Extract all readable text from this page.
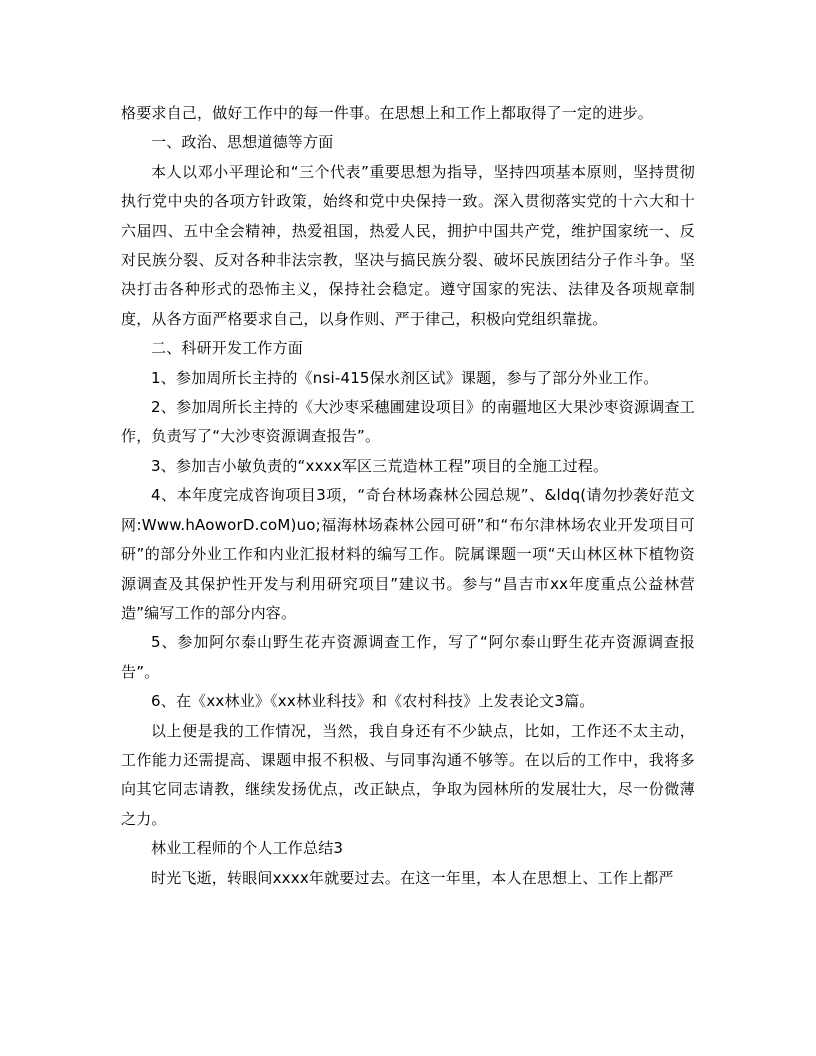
格要求自己，做好工作中的每一件事。在思想上和工作上都取得了一定的进步。

一、政治、思想道德等方面

本人以邓小平理论和“三个代表”重要思想为指导，坚持四项基本原则，坚持贯彻执行党中央的各项方针政策，始终和党中央保持一致。深入贯彻落实党的十六大和十六届四、五中全会精神，热爱祖国，热爱人民，拥护中国共产党，维护国家统一、反对民族分裂、反对各种非法宗教，坚决与搞民族分裂、破坏民族团结分子作斗争。坚决打击各种形式的恐怖主义，保持社会稳定。遵守国家的宪法、法律及各项规章制度，从各方面严格要求自己，以身作则、严于律己，积极向党组织靠拢。

二、科研开发工作方面

1、参加周所长主持的《nsi-415保水剂区试》课题，参与了部分外业工作。

2、参加周所长主持的《大沙枣采穗圃建设项目》的南疆地区大果沙枣资源调查工作，负责写了“大沙枣资源调查报告”。

3、参加吉小敏负责的“xxxx军区三荒造林工程”项目的全施工过程。

4、本年度完成咨询项目3项，“奇台林场森林公园总规”、&ldq(请勿抄袭好范文网:Www.hAoworD.coM)uo;福海林场森林公园可研”和“布尔津林场农业开发项目可研”的部分外业工作和内业汇报材料的编写工作。院属课题一项“天山林区林下植物资源调查及其保护性开发与利用研究项目”建议书。参与“昌吉市xx年度重点公益林营造”编写工作的部分内容。

5、参加阿尔泰山野生花卉资源调查工作，写了“阿尔泰山野生花卉资源调查报告”。

6、在《xx林业》《xx林业科技》和《农村科技》上发表论文3篇。

以上便是我的工作情况，当然，我自身还有不少缺点，比如，工作还不太主动，工作能力还需提高、课题申报不积极、与同事沟通不够等。在以后的工作中，我将多向其它同志请教，继续发扬优点，改正缺点，争取为园林所的发展壮大，尽一份微薄之力。

林业工程师的个人工作总结3

时光飞逝，转眼间xxxx年就要过去。在这一年里，本人在思想上、工作上都严
